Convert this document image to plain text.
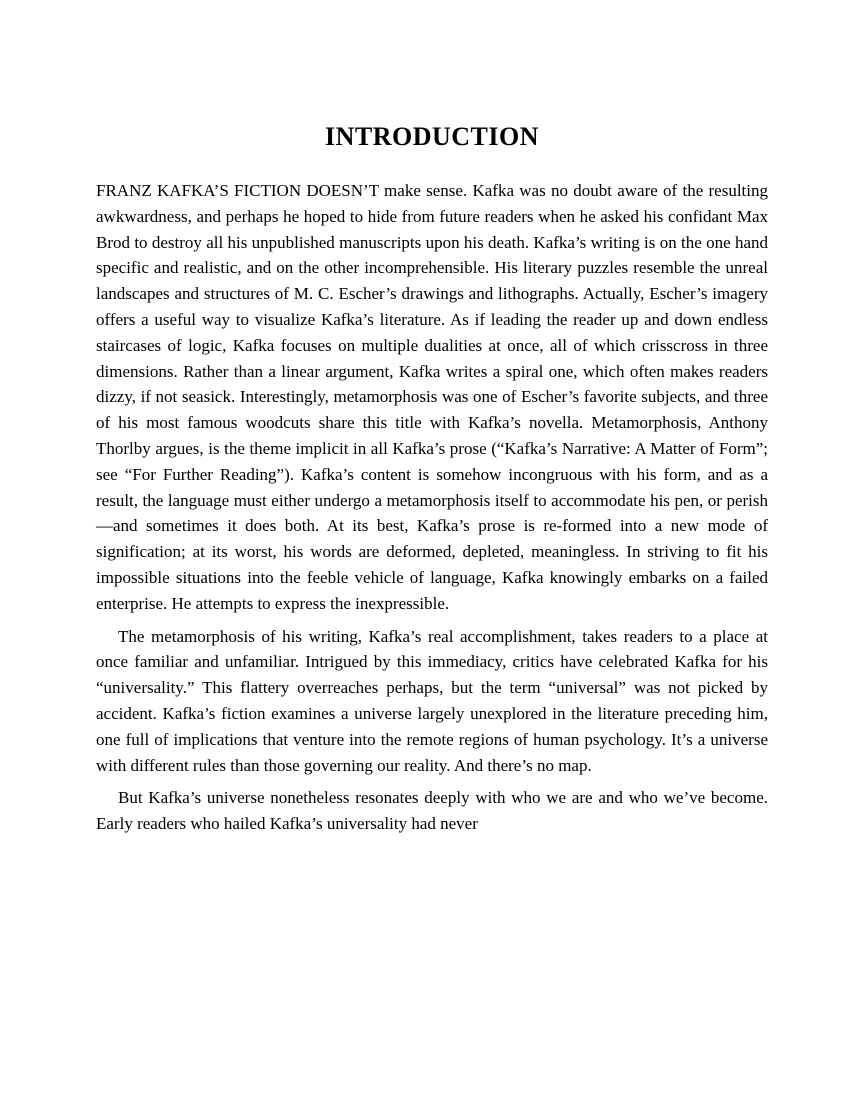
INTRODUCTION

FRANZ KAFKA’S FICTION DOESN’T make sense. Kafka was no doubt aware of the resulting awkwardness, and perhaps he hoped to hide from future readers when he asked his confidant Max Brod to destroy all his unpublished manuscripts upon his death. Kafka’s writing is on the one hand specific and realistic, and on the other incomprehensible. His literary puzzles resemble the unreal landscapes and structures of M. C. Escher’s drawings and lithographs. Actually, Escher’s imagery offers a useful way to visualize Kafka’s literature. As if leading the reader up and down endless staircases of logic, Kafka focuses on multiple dualities at once, all of which crisscross in three dimensions. Rather than a linear argument, Kafka writes a spiral one, which often makes readers dizzy, if not seasick. Interestingly, metamorphosis was one of Escher’s favorite subjects, and three of his most famous woodcuts share this title with Kafka’s novella. Metamorphosis, Anthony Thorlby argues, is the theme implicit in all Kafka’s prose (“Kafka’s Narrative: A Matter of Form”; see “For Further Reading”). Kafka’s content is somehow incongruous with his form, and as a result, the language must either undergo a metamorphosis itself to accommodate his pen, or perish—and sometimes it does both. At its best, Kafka’s prose is re-formed into a new mode of signification; at its worst, his words are deformed, depleted, meaningless. In striving to fit his impossible situations into the feeble vehicle of language, Kafka knowingly embarks on a failed enterprise. He attempts to express the inexpressible.

The metamorphosis of his writing, Kafka’s real accomplishment, takes readers to a place at once familiar and unfamiliar. Intrigued by this immediacy, critics have celebrated Kafka for his “universality.” This flattery overreaches perhaps, but the term “universal” was not picked by accident. Kafka’s fiction examines a universe largely unexplored in the literature preceding him, one full of implications that venture into the remote regions of human psychology. It’s a universe with different rules than those governing our reality. And there’s no map.

But Kafka’s universe nonetheless resonates deeply with who we are and who we’ve become. Early readers who hailed Kafka’s universality had never
